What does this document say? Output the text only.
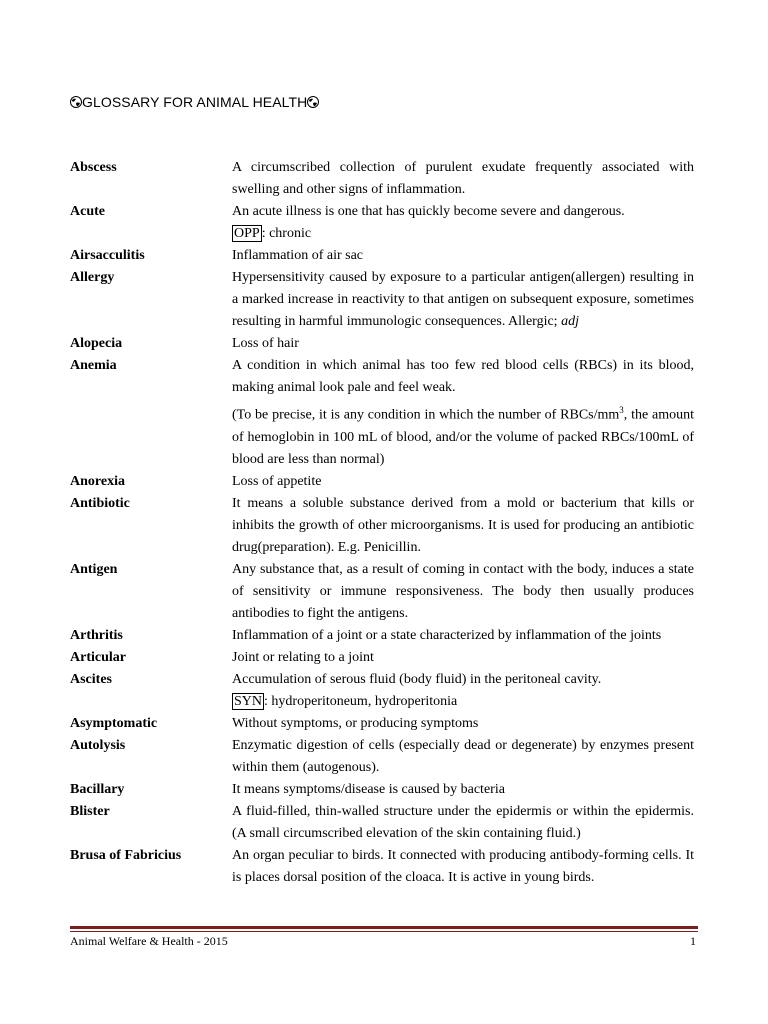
GLOSSARY FOR ANIMAL HEALTH
Abscess	A circumscribed collection of purulent exudate frequently associated with swelling and other signs of inflammation.

Acute	An acute illness is one that has quickly become severe and dangerous.

OPP : chronic

Airsacculitis	Inflammation of air sac

Allergy	Hypersensitivity caused by exposure to a particular antigen(allergen) resulting in a marked increase in reactivity to that antigen on subsequent exposure, sometimes resulting in harmful immunologic consequences. Allergic; adj

Alopecia	Loss of hair

Anemia	A condition in which animal has too few red blood cells (RBCs) in its blood, making animal look pale and feel weak.

(To be precise, it is any condition in which the number of RBCs/$mm^3$, the amount of hemoglobin in 100 mL of blood, and/or the volume of packed RBCs/100mL of blood are less than normal)

Anorexia	Loss of appetite

Antibiotic	It means a soluble substance derived from a mold or bacterium that kills or inhibits the growth of other microorganisms. It is used for producing an antibiotic drug(preparation). E.g. Penicillin.

Antigen	Any substance that, as a result of coming in contact with the body, induces a state of sensitivity or immune responsiveness. The body then usually produces antibodies to fight the antigens.

Arthritis	Inflammation of a joint or a state characterized by inflammation of the joints

Articular	Joint or relating to a joint

Ascites	Accumulation of serous fluid (body fluid) in the peritoneal cavity.

SYN : hydroperitoneum, hydroperitonia

Asymptomatic	Without symptoms, or producing symptoms

Autolysis	Enzymatic digestion of cells (especially dead or degenerate) by enzymes present within them (autogenous).

Bacillary	It means symptoms/disease is caused by bacteria

Blister	A fluid-filled, thin-walled structure under the epidermis or within the epidermis. (A small circumscribed elevation of the skin containing fluid.)

Brusa of Fabricius	An organ peculiar to birds. It connected with producing antibody-forming cells. It is places dorsal position of the cloaca. It is active in young birds.

Animal Welfare & Health - 2015	1
